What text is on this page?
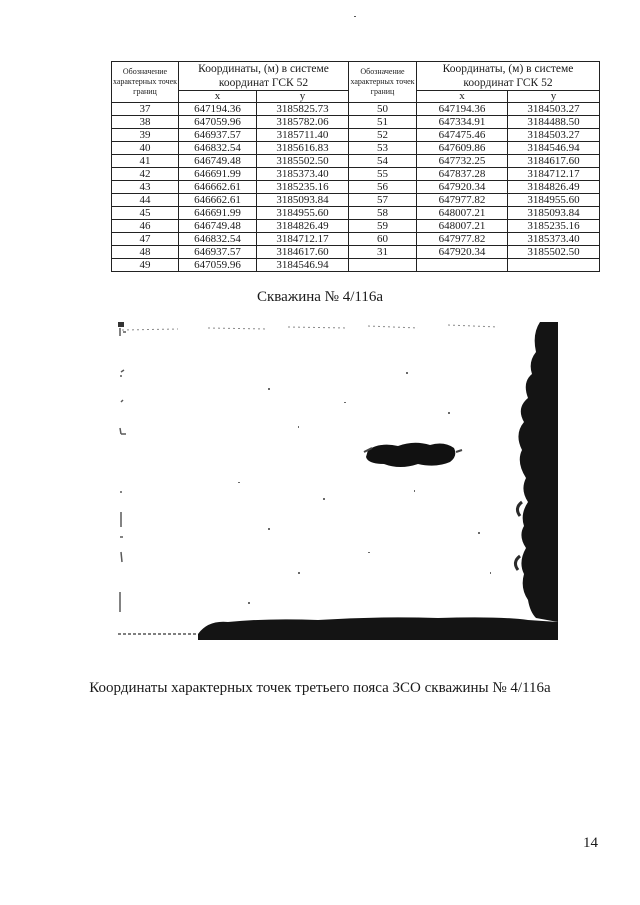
Обозначение характерных точек границ	Координаты, (м) в системе координат ГСК 52		Обозначение характерных точек границ	Координаты, (м) в системе координат ГСК 52	
	x	y		x	y
37	647194.36	3185825.73	50	647194.36	3184503.27
38	647059.96	3185782.06	51	647334.91	3184488.50
39	646937.57	3185711.40	52	647475.46	3184503.27
40	646832.54	3185616.83	53	647609.86	3184546.94
41	646749.48	3185502.50	54	647732.25	3184617.60
42	646691.99	3185373.40	55	647837.28	3184712.17
43	646662.61	3185235.16	56	647920.34	3184826.49
44	646662.61	3185093.84	57	647977.82	3184955.60
45	646691.99	3184955.60	58	648007.21	3185093.84
46	646749.48	3184826.49	59	648007.21	3185235.16
47	646832.54	3184712.17	60	647977.82	3185373.40
48	646937.57	3184617.60	31	647920.34	3185502.50
49	647059.96	3184546.94			
Скважина № 4/116а
Координаты характерных точек третьего пояса ЗСО скважины № 4/116а
14
